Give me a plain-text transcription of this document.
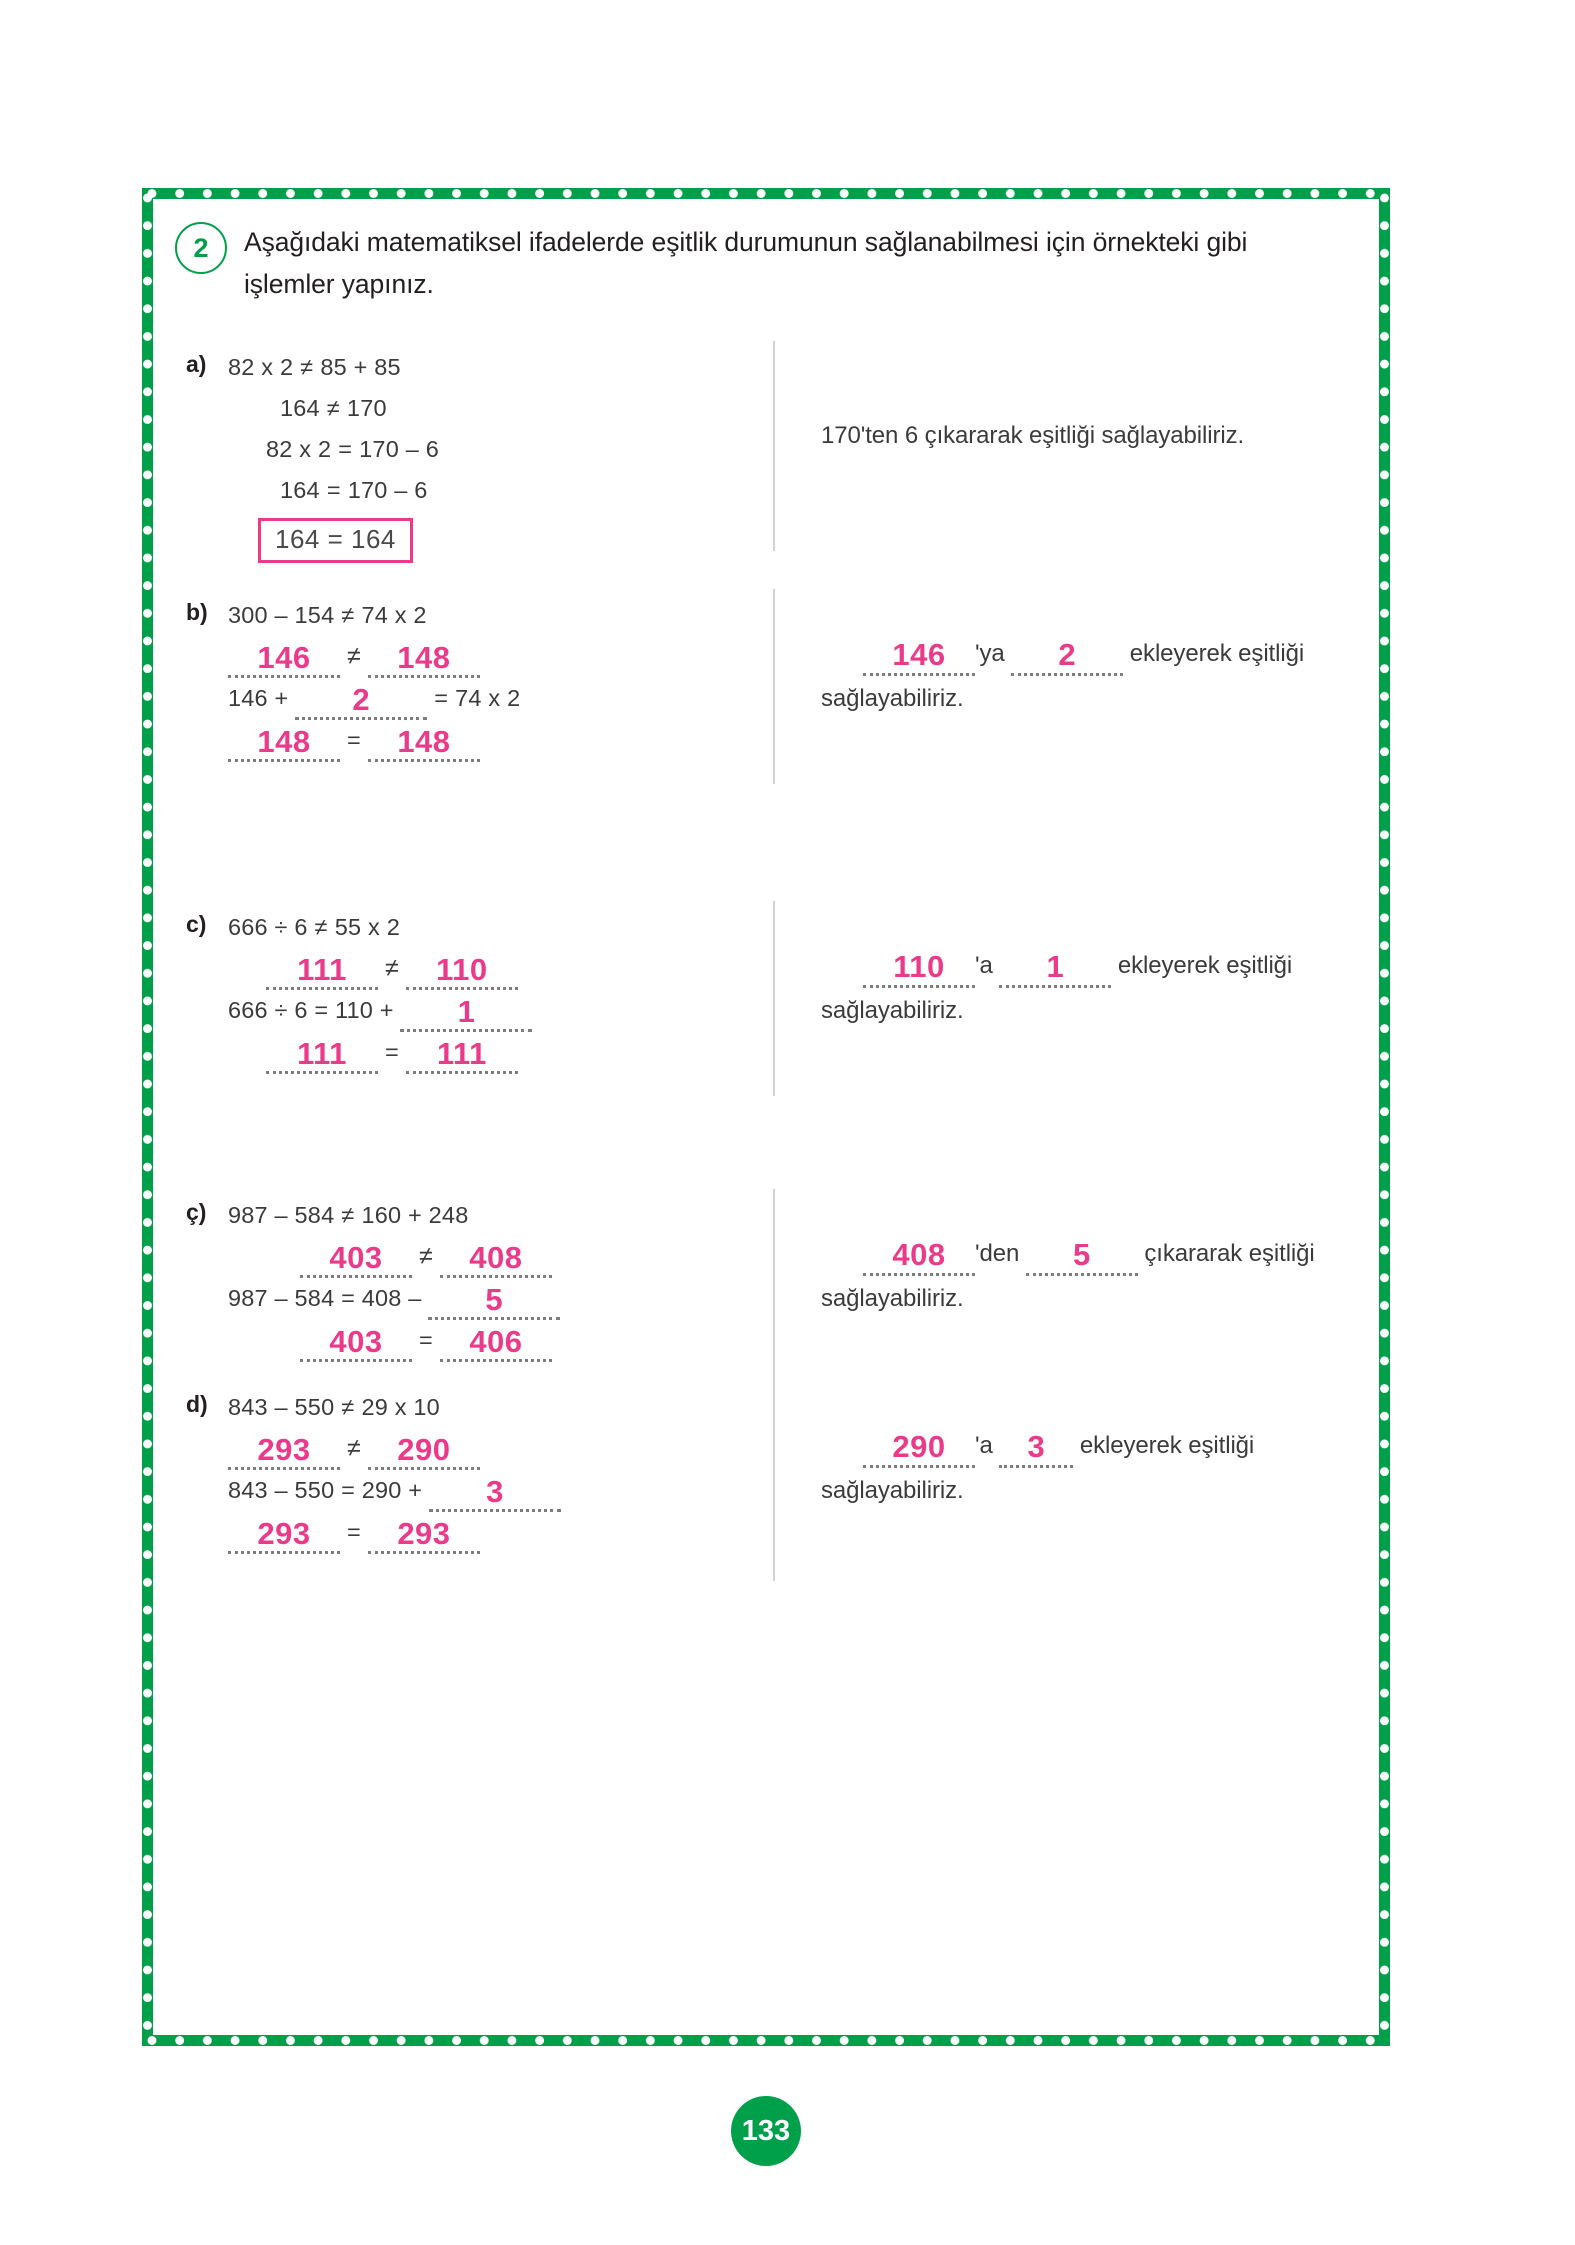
2	Aşağıdaki matematiksel ifadelerde eşitlik durumunun sağlanabilmesi için örnekteki gibi işlemler yapınız.
a) 82 x 2 ≠ 85 + 85
164 ≠ 170
82 x 2 = 170 – 6
164 = 170 – 6
164 = 164
170'ten 6 çıkararak eşitliği sağlayabiliriz.
b) 300 – 154 ≠ 74 x 2
146 ≠ 148
146 + 2	= 74 x 2
148 = 148
146 'ya 2 ekleyerek eşitliği sağlayabiliriz.
c) 666 ÷ 6 ≠ 55 x 2
111 ≠ 110
666 ÷ 6 = 110 + 1
111 = 111
110 'a 1 ekleyerek eşitliği sağlayabiliriz.
ç) 987 – 584 ≠ 160 + 248
403 ≠ 408
987 – 584 = 408 – 5
403 = 406
408 'den 5 çıkararak eşitliği sağlayabiliriz.
d) 843 – 550 ≠ 29 x 10
293 ≠ 290
843 – 550 = 290 + 3
293 = 293
290 'a 3 ekleyerek eşitliği sağlayabiliriz.
133
